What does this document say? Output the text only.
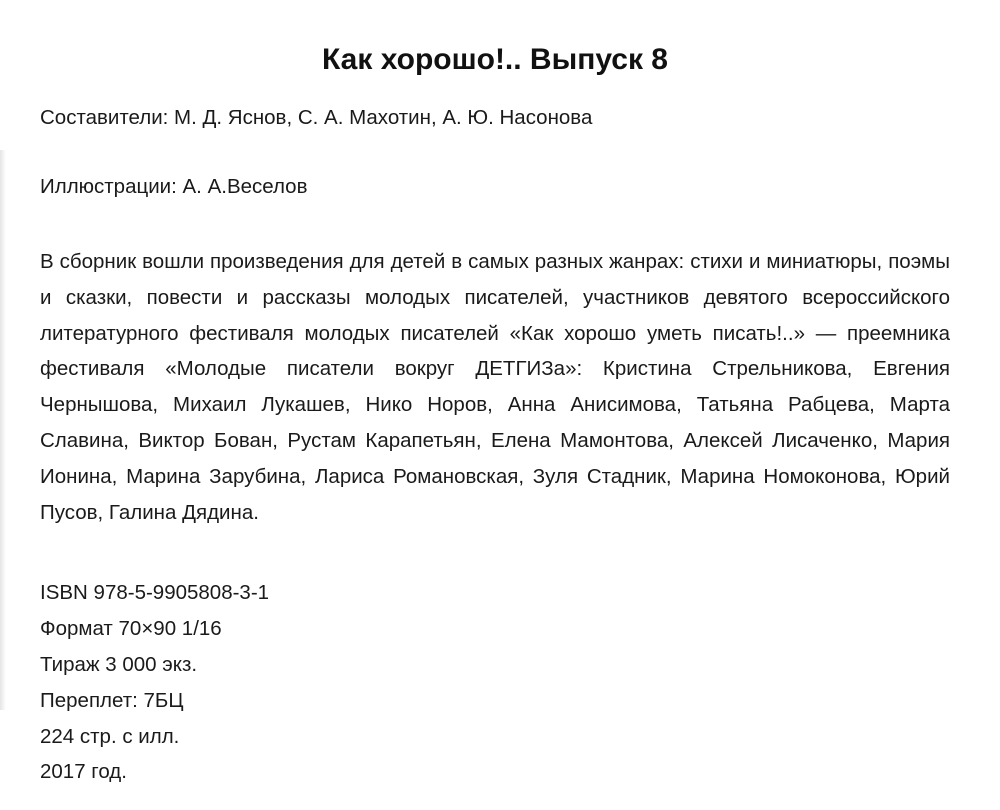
Как хорошо!.. Выпуск 8

Составители: М. Д. Яснов, С. А. Махотин, А. Ю. Насонова

Иллюстрации: А. А.Веселов

В сборник вошли произведения для детей в самых разных жанрах: стихи и миниатюры, поэмы и сказки, повести и рассказы молодых писателей, участников девятого всероссийского литературного фестиваля молодых писателей «Как хорошо уметь писать!..» — преемника фестиваля «Молодые писатели вокруг ДЕТГИЗа»: Кристина Стрельникова, Евгения Чернышова, Михаил Лукашев, Нико Норов, Анна Анисимова, Татьяна Рабцева, Марта Славина, Виктор Бован, Рустам Карапетьян, Елена Мамонтова, Алексей Лисаченко, Мария Ионина, Марина Зарубина, Лариса Романовская, Зуля Стадник, Марина Номоконова, Юрий Пусов, Галина Дядина.

ISBN 978-5-9905808-3-1

Формат 70×90 1/16

Тираж 3 000 экз.

Переплет: 7БЦ

224 стр. с илл.

2017 год.
